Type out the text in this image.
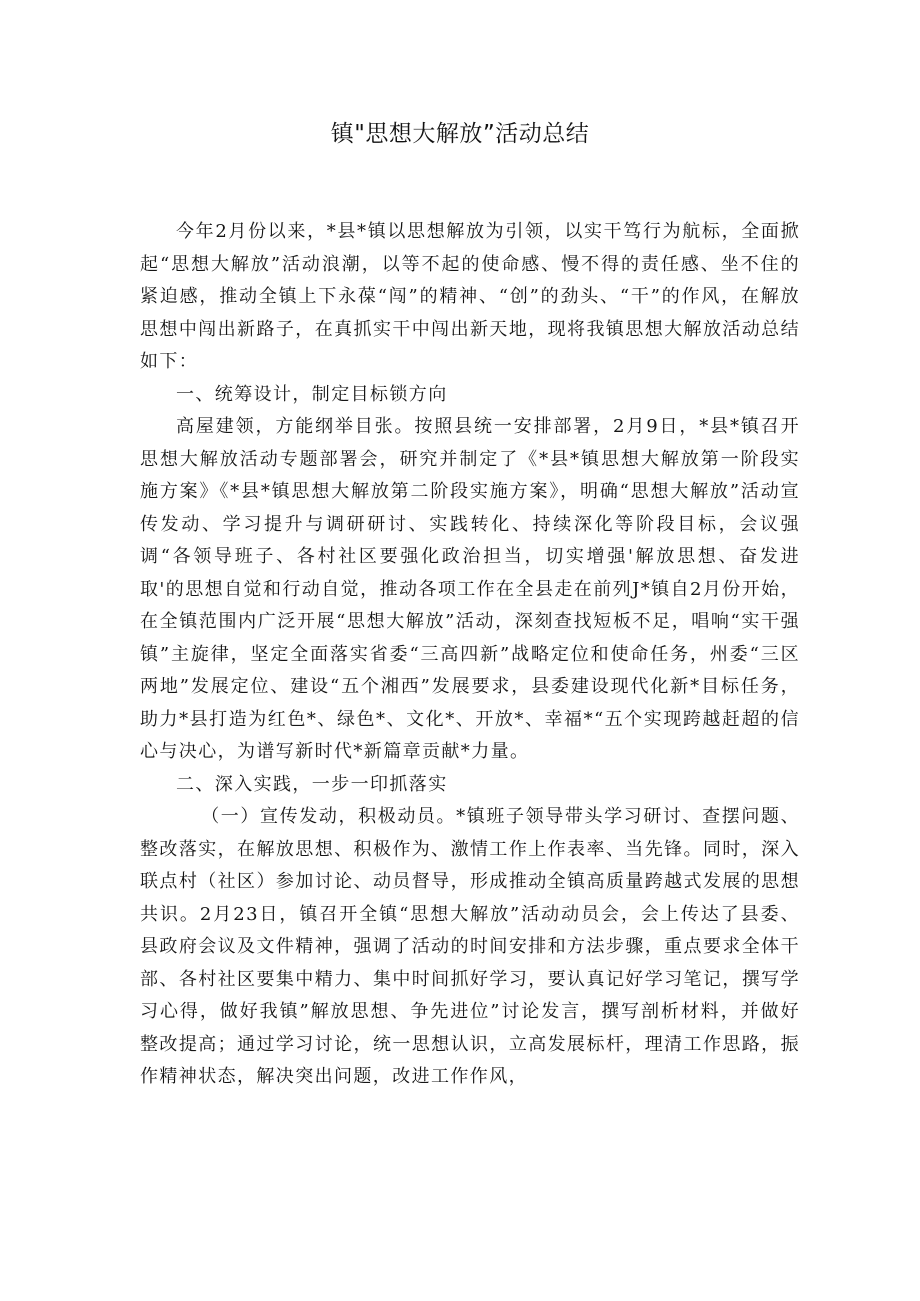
镇"思想大解放”活动总结

今年2月份以来，*县*镇以思想解放为引领，以实干笃行为航标，全面掀起“思想大解放”活动浪潮，以等不起的使命感、慢不得的责任感、坐不住的紧迫感，推动全镇上下永葆“闯”的精神、“创”的劲头、“干”的作风，在解放思想中闯出新路子，在真抓实干中闯出新天地，现将我镇思想大解放活动总结如下：

一、统筹设计，制定目标锁方向

高屋建领，方能纲举目张。按照县统一安排部署，2月9日，*县*镇召开思想大解放活动专题部署会，研究并制定了《*县*镇思想大解放第一阶段实施方案》《*县*镇思想大解放第二阶段实施方案》，明确“思想大解放”活动宣传发动、学习提升与调研研讨、实践转化、持续深化等阶段目标，会议强调“各领导班子、各村社区要强化政治担当，切实增强'解放思想、奋发进取'的思想自觉和行动自觉，推动各项工作在全县走在前列J*镇自2月份开始，在全镇范围内广泛开展“思想大解放”活动，深刻查找短板不足，唱响“实干强镇”主旋律，坚定全面落实省委“三高四新”战略定位和使命任务，州委“三区两地”发展定位、建设“五个湘西”发展要求，县委建设现代化新*目标任务，助力*县打造为红色*、绿色*、文化*、开放*、幸福*“五个实现跨越赶超的信心与决心，为谱写新时代*新篇章贡献*力量。

二、深入实践，一步一印抓落实

（一）宣传发动，积极动员。*镇班子领导带头学习研讨、查摆问题、整改落实，在解放思想、积极作为、激情工作上作表率、当先锋。同时，深入联点村（社区）参加讨论、动员督导，形成推动全镇高质量跨越式发展的思想共识。2月23日，镇召开全镇“思想大解放”活动动员会，会上传达了县委、县政府会议及文件精神，强调了活动的时间安排和方法步骤，重点要求全体干部、各村社区要集中精力、集中时间抓好学习，要认真记好学习笔记，撰写学习心得，做好我镇”解放思想、争先进位”讨论发言，撰写剖析材料，并做好整改提高；通过学习讨论，统一思想认识，立高发展标杆，理清工作思路，振作精神状态，解决突出问题，改进工作作风，
